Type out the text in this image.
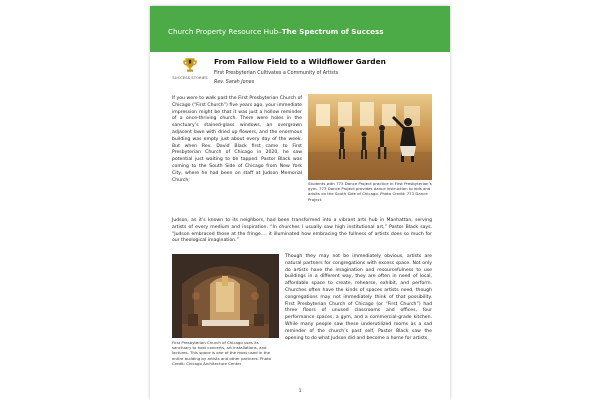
Church Property Resource Hub–The Spectrum of Success
SUCCESS STORIES
From Fallow Field to a Wildflower Garden
First Presbyterian Cultivates a Community of Artists
Rev. Sarah Jones

If you were to walk past the First Presbyterian Church of Chicago (“First Church”) five years ago, your immediate impression might be that it was just a hollow reminder of a once-thriving church. There were holes in the sanctuary’s stained-glass windows, an overgrown adjacent lawn with dried up flowers, and the enormous building was empty just about every day of the week. But when Rev. David Black first came to First Presbyterian Church of Chicago in 2020, he saw potential just waiting to be tapped. Pastor Black was coming to the South Side of Chicago from New York City, where he had been on staff at Judson Memorial Church;

Students with 773 Dance Project practice in First Presbyterian’s gym. 773 Dance Project provides dance instruction to kids and adults on the South Side of Chicago. Photo Credit: 773 Dance Project.

Judson, as it’s known to its neighbors, had been transformed into a vibrant arts hub in Manhattan, serving artists of every medium and inspiration. “In churches I usually saw high institutional art,” Pastor Black says. “Judson embraced those at the fringe…. it illuminated how embracing the fullness of artists does so much for our theological imagination.”

First Presbyterian Church of Chicago uses its sanctuary to host concerts, art installations, and lectures. This space is one of the most used in the entire building by artists and other partners. Photo Credit: Chicago Architecture Center

Though they may not be immediately obvious, artists are natural partners for congregations with excess space. Not only do artists have the imagination and resourcefulness to use buildings in a different way, they are often in need of local, affordable space to create, rehearse, exhibit, and perform. Churches often have the kinds of spaces artists need, though congregations may not immediately think of that possibility. First Presbyterian Church of Chicago (or “First Church”) had three floors of unused classrooms and offices, four performance spaces, a gym, and a commercial-grade kitchen. While many people saw these underutilized rooms as a sad reminder of the church’s past self, Pastor Black saw the opening to do what Judson did and become a home for artists.

1
